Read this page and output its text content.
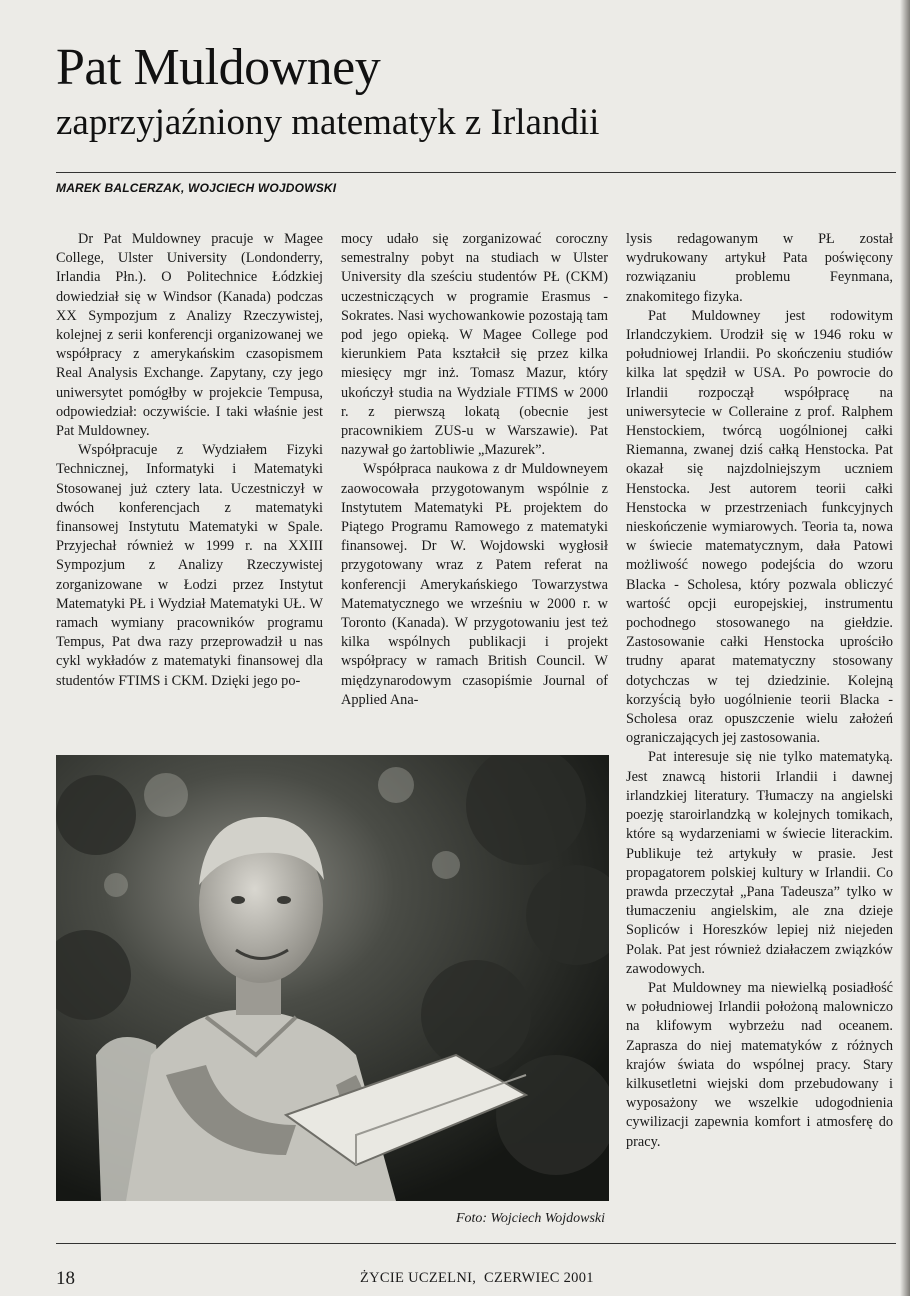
Pat Muldowney
zaprzyjaźniony matematyk z Irlandii
MAREK BALCERZAK, WOJCIECH WOJDOWSKI

Dr Pat Muldowney pracuje w Magee College, Ulster University (Londonderry, Irlandia Płn.). O Politechnice Łódzkiej dowiedział się w Windsor (Kanada) podczas XX Sympozjum z Analizy Rzeczywistej, kolejnej z serii konferencji organizowanej we współpracy z amerykańskim czasopismem Real Analysis Exchange. Zapytany, czy jego uniwersytet pomógłby w projekcie Tempusa, odpowiedział: oczywiście. I taki właśnie jest Pat Muldowney.

Współpracuje z Wydziałem Fizyki Technicznej, Informatyki i Matematyki Stosowanej już cztery lata. Uczestniczył w dwóch konferencjach z matematyki finansowej Instytutu Matematyki w Spale. Przyjechał również w 1999 r. na XXIII Sympozjum z Analizy Rzeczywistej zorganizowane w Łodzi przez Instytut Matematyki PŁ i Wydział Matematyki UŁ. W ramach wymiany pracowników programu Tempus, Pat dwa razy przeprowadził u nas cykl wykładów z matematyki finansowej dla studentów FTIMS i CKM. Dzięki jego po-

mocy udało się zorganizować coroczny semestralny pobyt na studiach w Ulster University dla sześciu studentów PŁ (CKM) uczestniczących w programie Erasmus - Sokrates. Nasi wychowankowie pozostają tam pod jego opieką. W Magee College pod kierunkiem Pata kształcił się przez kilka miesięcy mgr inż. Tomasz Mazur, który ukończył studia na Wydziale FTIMS w 2000 r. z pierwszą lokatą (obecnie jest pracownikiem ZUS-u w Warszawie). Pat nazywał go żartobliwie „Mazurek”.

Współpraca naukowa z dr Muldowneyem zaowocowała przygotowanym wspólnie z Instytutem Matematyki PŁ projektem do Piątego Programu Ramowego z matematyki finansowej. Dr W. Wojdowski wygłosił przygotowany wraz z Patem referat na konferencji Amerykańskiego Towarzystwa Matematycznego we wrześniu w 2000 r. w Toronto (Kanada). W przygotowaniu jest też kilka wspólnych publikacji i projekt współpracy w ramach British Council. W międzynarodowym czasopiśmie Journal of Applied Ana-

lysis redagowanym w PŁ został wydrukowany artykuł Pata poświęcony rozwiązaniu problemu Feynmana, znakomitego fizyka.

Pat Muldowney jest rodowitym Irlandczykiem. Urodził się w 1946 roku w południowej Irlandii. Po skończeniu studiów kilka lat spędził w USA. Po powrocie do Irlandii rozpoczął współpracę na uniwersytecie w Colleraine z prof. Ralphem Henstockiem, twórcą uogólnionej całki Riemanna, zwanej dziś całką Henstocka. Pat okazał się najzdolniejszym uczniem Henstocka. Jest autorem teorii całki Henstocka w przestrzeniach funkcyjnych nieskończenie wymiarowych. Teoria ta, nowa w świecie matematycznym, dała Patowi możliwość nowego podejścia do wzoru Blacka - Scholesa, który pozwala obliczyć wartość opcji europejskiej, instrumentu pochodnego stosowanego na giełdzie. Zastosowanie całki Henstocka uprościło trudny aparat matematyczny stosowany dotychczas w tej dziedzinie. Kolejną korzyścią było uogólnienie teorii Blacka - Scholesa oraz opuszczenie wielu założeń ograniczających jej zastosowania.

Pat interesuje się nie tylko matematyką. Jest znawcą historii Irlandii i dawnej irlandzkiej literatury. Tłumaczy na angielski poezję staroirlandzką w kolejnych tomikach, które są wydarzeniami w świecie literackim. Publikuje też artykuły w prasie. Jest propagatorem polskiej kultury w Irlandii. Co prawda przeczytał „Pana Tadeusza” tylko w tłumaczeniu angielskim, ale zna dzieje Sopliców i Horeszków lepiej niż niejeden Polak. Pat jest również działaczem związków zawodowych.

Pat Muldowney ma niewielką posiadłość w południowej Irlandii położoną malowniczo na klifowym wybrzeżu nad oceanem. Zaprasza do niej matematyków z różnych krajów świata do wspólnej pracy. Stary kilkusetletni wiejski dom przebudowany i wyposażony we wszelkie udogodnienia cywilizacji zapewnia komfort i atmosferę do pracy.

Foto: Wojciech Wojdowski
18	ŻYCIE UCZELNI,  CZERWIEC 2001
